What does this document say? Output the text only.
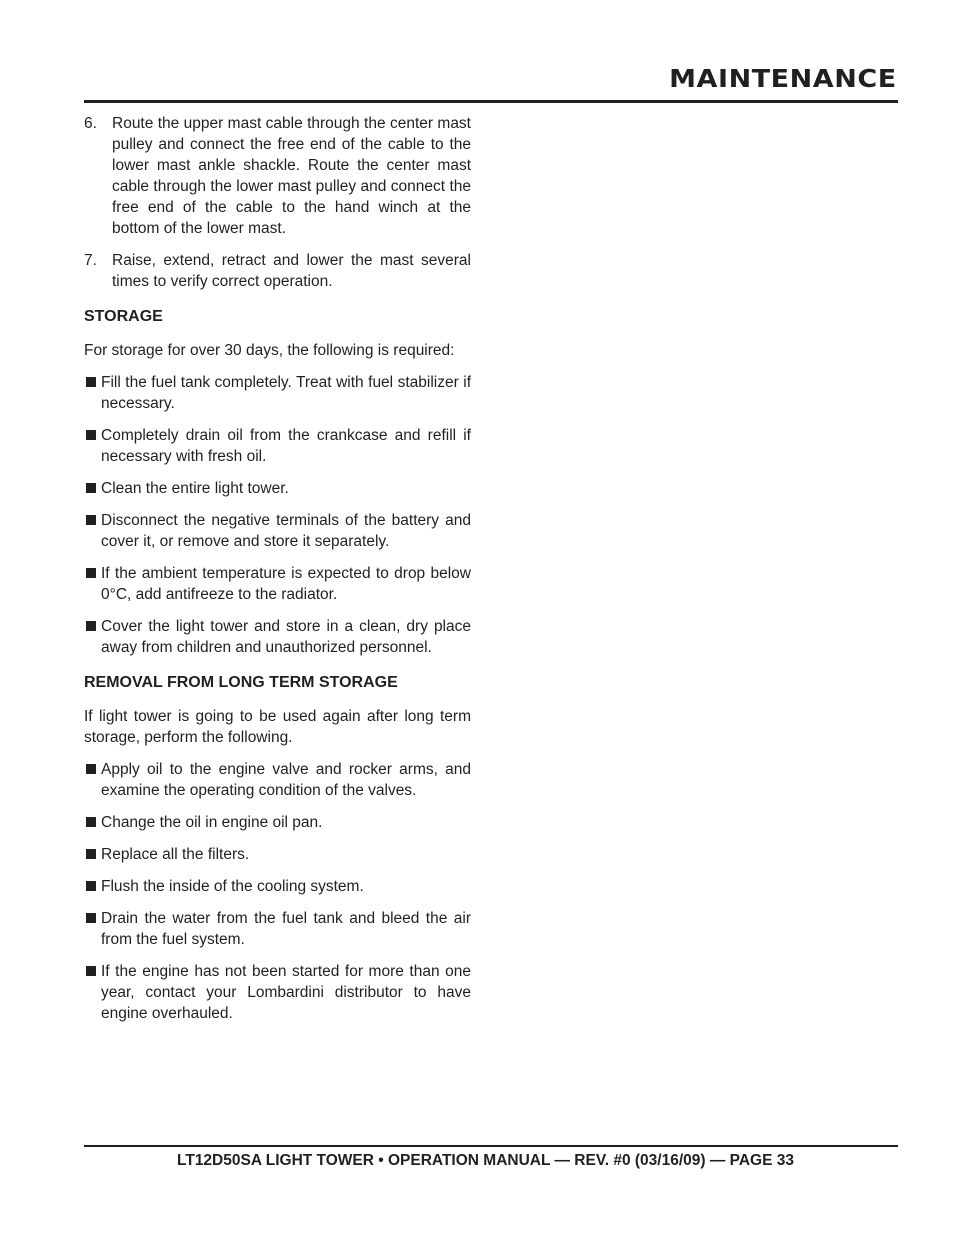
MAINTENANCE
6. Route the upper mast cable through the center mast pulley and connect the free end of the cable to the lower mast ankle shackle. Route the center mast cable through the lower mast pulley and connect the free end of the cable to the hand winch at the bottom of the lower mast.
7. Raise, extend, retract and lower the mast several times to verify correct operation.
STORAGE

For storage for over 30 days, the following is required:

Fill the fuel tank completely. Treat with fuel stabilizer if necessary.
Completely drain oil from the crankcase and refill if necessary with fresh oil.
Clean the entire light tower.
Disconnect the negative terminals of the battery and cover it, or remove and store it separately.
If the ambient temperature is expected to drop below 0°C, add antifreeze to the radiator.
Cover the light tower and store in a clean, dry place away from children and unauthorized personnel.
REMOVAL FROM LONG TERM STORAGE

If light tower is going to be used again after long term storage, perform the following.

Apply oil to the engine valve and rocker arms, and examine the operating condition of the valves.
Change the oil in engine oil pan.
Replace all the filters.
Flush the inside of the cooling system.
Drain the water from the fuel tank and bleed the air from the fuel system.
If the engine has not been started for more than one year, contact your Lombardini distributor to have engine overhauled.
LT12D50SA LIGHT TOWER • OPERATION MANUAL — REV. #0 (03/16/09) — PAGE 33
